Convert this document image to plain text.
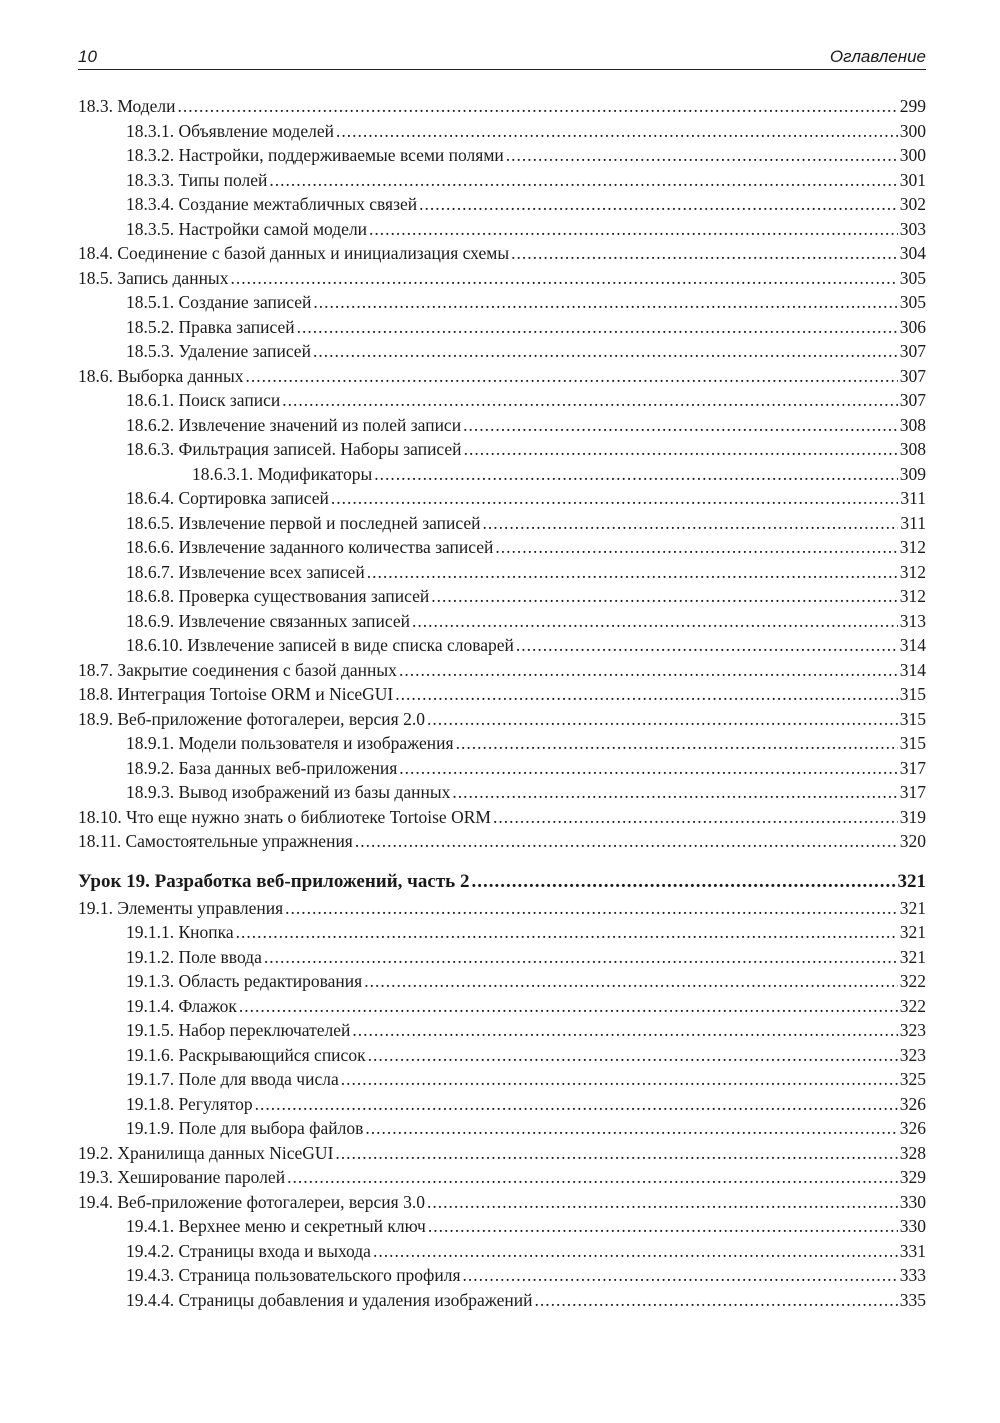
10	Оглавление
18.3. Модели .....	299
18.3.1. Объявление моделей .....	300
18.3.2. Настройки, поддерживаемые всеми полями .....	300
18.3.3. Типы полей .....	301
18.3.4. Создание межтабличных связей .....	302
18.3.5. Настройки самой модели .....	303
18.4. Соединение с базой данных и инициализация схемы .....	304
18.5. Запись данных .....	305
18.5.1. Создание записей .....	305
18.5.2. Правка записей .....	306
18.5.3. Удаление записей .....	307
18.6. Выборка данных .....	307
18.6.1. Поиск записи .....	307
18.6.2. Извлечение значений из полей записи .....	308
18.6.3. Фильтрация записей. Наборы записей .....	308
18.6.3.1. Модификаторы .....	309
18.6.4. Сортировка записей .....	311
18.6.5. Извлечение первой и последней записей .....	311
18.6.6. Извлечение заданного количества записей .....	312
18.6.7. Извлечение всех записей .....	312
18.6.8. Проверка существования записей .....	312
18.6.9. Извлечение связанных записей .....	313
18.6.10. Извлечение записей в виде списка словарей .....	314
18.7. Закрытие соединения с базой данных .....	314
18.8. Интеграция Tortoise ORM и NiceGUI .....	315
18.9. Веб-приложение фотогалереи, версия 2.0 .....	315
18.9.1. Модели пользователя и изображения .....	315
18.9.2. База данных веб-приложения .....	317
18.9.3. Вывод изображений из базы данных .....	317
18.10. Что еще нужно знать о библиотеке Tortoise ORM .....	319
18.11. Самостоятельные упражнения .....	320
Урок 19. Разработка веб-приложений, часть 2 .....	321
19.1. Элементы управления .....	321
19.1.1. Кнопка .....	321
19.1.2. Поле ввода .....	321
19.1.3. Область редактирования .....	322
19.1.4. Флажок .....	322
19.1.5. Набор переключателей .....	323
19.1.6. Раскрывающийся список .....	323
19.1.7. Поле для ввода числа .....	325
19.1.8. Регулятор .....	326
19.1.9. Поле для выбора файлов .....	326
19.2. Хранилища данных NiceGUI .....	328
19.3. Хеширование паролей .....	329
19.4. Веб-приложение фотогалереи, версия 3.0 .....	330
19.4.1. Верхнее меню и секретный ключ .....	330
19.4.2. Страницы входа и выхода .....	331
19.4.3. Страница пользовательского профиля .....	333
19.4.4. Страницы добавления и удаления изображений .....	335
